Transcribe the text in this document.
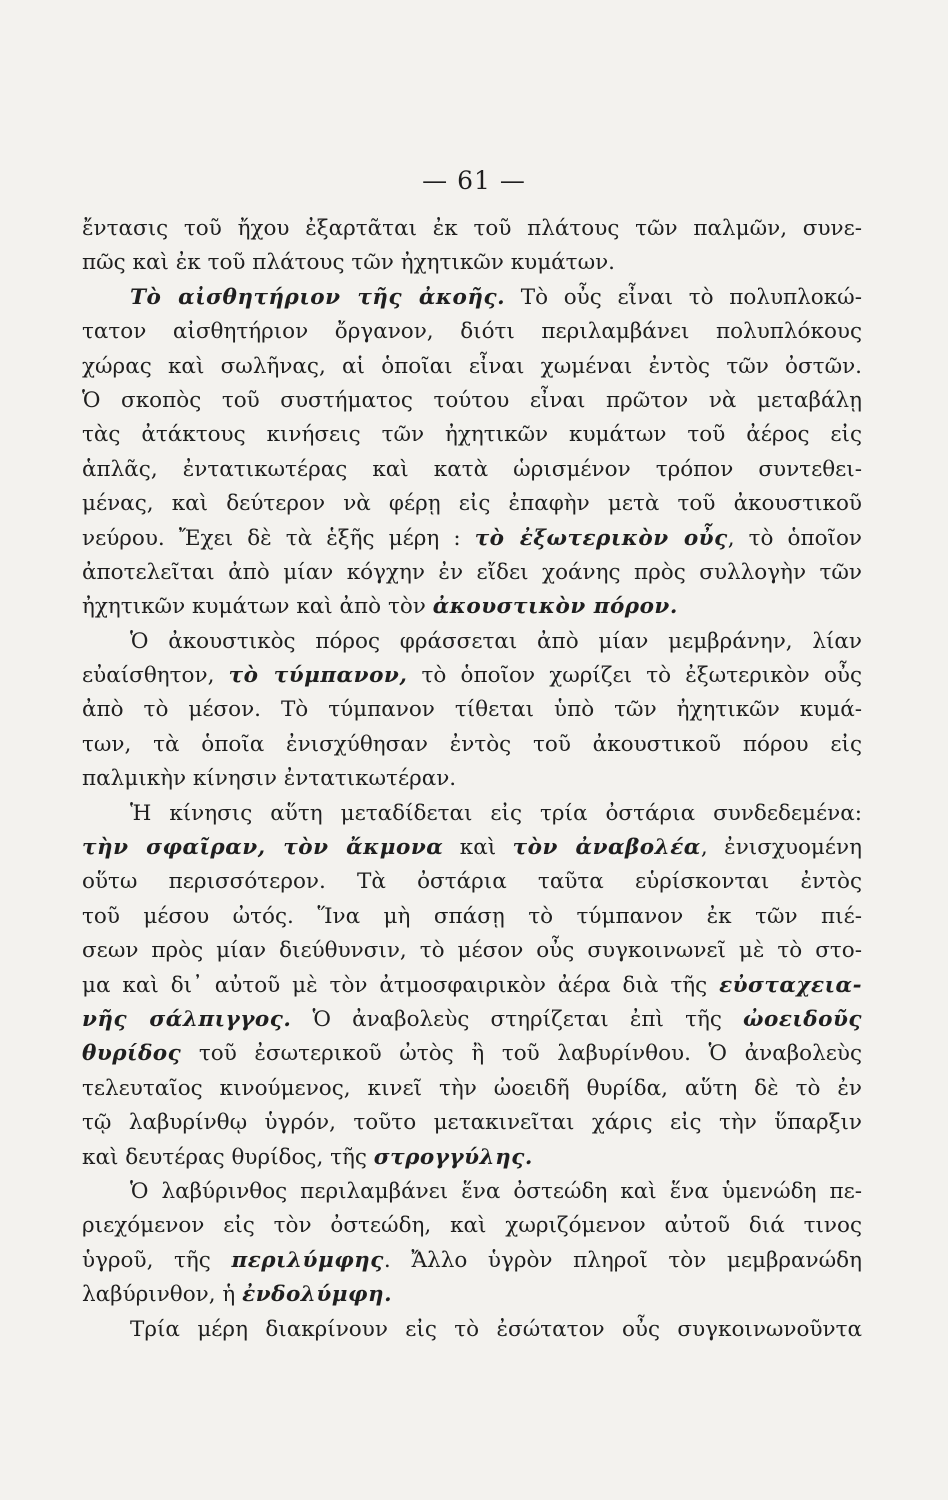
— 61 —
ἔντασις τοῦ ἤχου ἐξαρτᾶται ἐκ τοῦ πλάτους τῶν παλμῶν, συνε-
πῶς καὶ ἐκ τοῦ πλάτους τῶν ἠχητικῶν κυμάτων.
Τὸ αἰσθητήριον τῆς ἀκοῆς. Τὸ οὖς εἶναι τὸ πολυπλοκώ-
τατον αἰσθητήριον ὄργανον, διότι περιλαμβάνει πολυπλόκους
χώρας καὶ σωλῆνας, αἱ ὁποῖαι εἶναι χωμέναι ἐντὸς τῶν ὀστῶν.
Ὁ σκοπὸς τοῦ συστήματος τούτου εἶναι πρῶτον νὰ μεταβάλῃ
τὰς ἀτάκτους κινήσεις τῶν ἠχητικῶν κυμάτων τοῦ ἀέρος εἰς
ἁπλᾶς, ἐντατικωτέρας καὶ κατὰ ὡρισμένον τρόπον συντεθει-
μένας, καὶ δεύτερον νὰ φέρῃ εἰς ἐπαφὴν μετὰ τοῦ ἀκουστικοῦ
νεύρου. Ἔχει δὲ τὰ ἑξῆς μέρη : τὸ ἐξωτερικὸν οὖς, τὸ ὁποῖον
ἀποτελεῖται ἀπὸ μίαν κόγχην ἐν εἴδει χοάνης πρὸς συλλογὴν τῶν
ἠχητικῶν κυμάτων καὶ ἀπὸ τὸν ἀκουστικὸν πόρον.
Ὁ ἀκουστικὸς πόρος φράσσεται ἀπὸ μίαν μεμβράνην, λίαν
εὐαίσθητον, τὸ τύμπανον, τὸ ὁποῖον χωρίζει τὸ ἐξωτερικὸν οὖς
ἀπὸ τὸ μέσον. Τὸ τύμπανον τίθεται ὑπὸ τῶν ἠχητικῶν κυμά-
των, τὰ ὁποῖα ἐνισχύθησαν ἐντὸς τοῦ ἀκουστικοῦ πόρου εἰς
παλμικὴν κίνησιν ἐντατικωτέραν.
Ἡ κίνησις αὕτη μεταδίδεται εἰς τρία ὀστάρια συνδεδεμένα:
τὴν σφαῖραν, τὸν ἄκμονα καὶ τὸν ἀναβολέα, ἐνισχυομένη
οὕτω περισσότερον. Τὰ ὀστάρια ταῦτα εὑρίσκονται ἐντὸς
τοῦ μέσου ὠτός. Ἵνα μὴ σπάσῃ τὸ τύμπανον ἐκ τῶν πιέ-
σεων πρὸς μίαν διεύθυνσιν, τὸ μέσον οὖς συγκοινωνεῖ μὲ τὸ στο-
μα καὶ δι᾽ αὐτοῦ μὲ τὸν ἀτμοσφαιρικὸν ἀέρα διὰ τῆς εὐσταχεια-
νῆς σάλπιγγος. Ὁ ἀναβολεὺς στηρίζεται ἐπὶ τῆς ὠοειδοῦς
θυρίδος τοῦ ἐσωτερικοῦ ὠτὸς ἢ τοῦ λαβυρίνθου. Ὁ ἀναβολεὺς
τελευταῖος κινούμενος, κινεῖ τὴν ὠοειδῆ θυρίδα, αὕτη δὲ τὸ ἐν
τῷ λαβυρίνθῳ ὑγρόν, τοῦτο μετακινεῖται χάρις εἰς τὴν ὕπαρξιν
καὶ δευτέρας θυρίδος, τῆς στρογγύλης.
Ὁ λαβύρινθος περιλαμβάνει ἕνα ὀστεώδη καὶ ἕνα ὑμενώδη πε-
ριεχόμενον εἰς τὸν ὀστεώδη, καὶ χωριζόμενον αὐτοῦ διά τινος
ὑγροῦ, τῆς περιλύμφης. Ἄλλο ὑγρὸν πληροῖ τὸν μεμβρανώδη
λαβύρινθον, ἡ ἐνδολύμφη.
Τρία μέρη διακρίνουν εἰς τὸ ἐσώτατον οὖς συγκοινωνοῦντα
